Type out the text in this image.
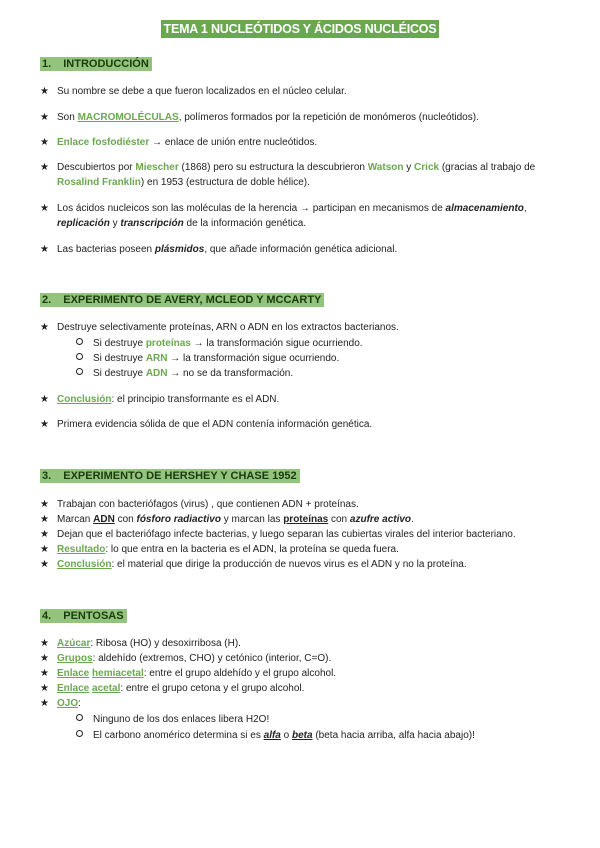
TEMA 1 NUCLEÓTIDOS Y ÁCIDOS NUCLÉICOS
1. INTRODUCCIÓN
★ Su nombre se debe a que fueron localizados en el núcleo celular.
★ Son MACROMOLÉCULAS, polímeros formados por la repetición de monómeros (nucleótidos).
★ Enlace fosfodiéster → enlace de unión entre nucleótidos.
★ Descubiertos por Miescher (1868) pero su estructura la descubrieron Watson y Crick (gracias al trabajo de Rosalind Franklin) en 1953 (estructura de doble hélice).
★ Los ácidos nucleicos son las moléculas de la herencia → participan en mecanismos de almacenamiento, replicación y transcripción de la información genética.
★ Las bacterias poseen plásmidos, que añade información genética adicional.
2. EXPERIMENTO DE AVERY, MCLEOD Y MCCARTY
★ Destruye selectivamente proteínas, ARN o ADN en los extractos bacterianos.
Si destruye proteínas → la transformación sigue ocurriendo.
Si destruye ARN → la transformación sigue ocurriendo.
Si destruye ADN → no se da transformación.
★ Conclusión: el principio transformante es el ADN.
★ Primera evidencia sólida de que el ADN contenía información genética.
3. EXPERIMENTO DE HERSHEY Y CHASE 1952
★ Trabajan con bacteriófagos (virus) , que contienen ADN + proteínas.
★ Marcan ADN con fósforo radiactivo y marcan las proteínas con azufre activo.
★ Dejan que el bacteriófago infecte bacterias, y luego separan las cubiertas virales del interior bacteriano.
★ Resultado: lo que entra en la bacteria es el ADN, la proteína se queda fuera.
★ Conclusión: el material que dirige la producción de nuevos virus es el ADN y no la proteína.
4. PENTOSAS
★ Azúcar: Ribosa (HO) y desoxirribosa (H).
★ Grupos: aldehído (extremos, CHO) y cetónico (interior, C=O).
★ Enlace hemiacetal: entre el grupo aldehído y el grupo alcohol.
★ Enlace acetal: entre el grupo cetona y el grupo alcohol.
★ OJO:
Ninguno de los dos enlaces libera H2O!
El carbono anomérico determina si es alfa o beta (beta hacia arriba, alfa hacia abajo)!
